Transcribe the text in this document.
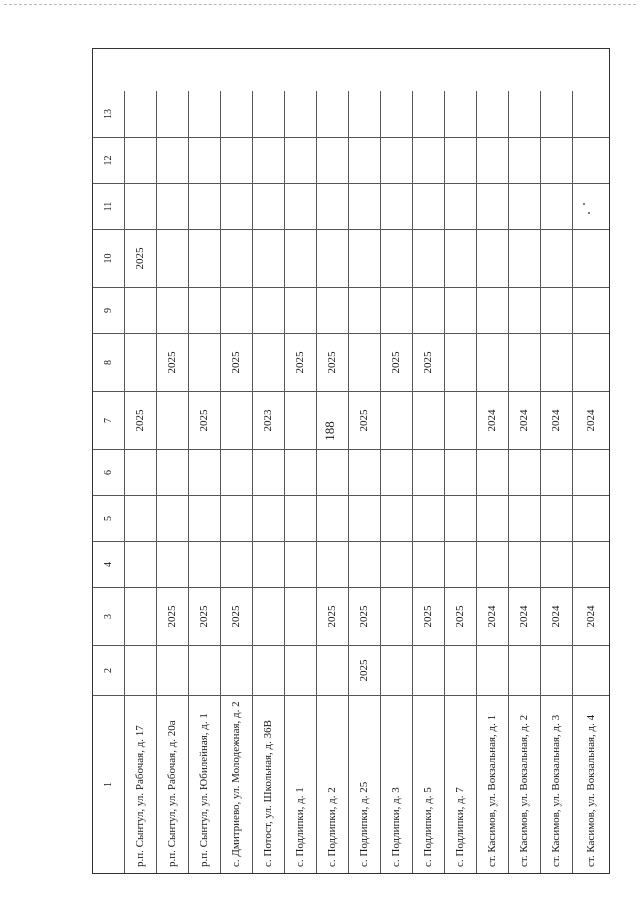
188
1
2
3
4
5
6
7
8
9
10
11
12
13
р.п. Сынтул, ул. Рабочая, д. 17
2025
2025
р.п. Сынтул, ул. Рабочая, д. 20а
2025
2025
р.п. Сынтул, ул. Юбилейная, д. 1
2025
2025
с. Дмитриево, ул. Молодежная, д. 2
2025
2025
с. Потост, ул. Школьная, д. 36В
2023
с. Подлипки, д. 1
2025
с. Подлипки, д. 2
2025
2025
с. Подлипки, д. 25
2025
2025
2025
с. Подлипки, д. 3
2025
с. Подлипки, д. 5
2025
2025
с. Подлипки, д. 7
2025
ст. Касимов, ул. Вокзальная, д. 1
2024
2024
ст. Касимов, ул. Вокзальная, д. 2
2024
2024
ст. Касимов, ул. Вокзальная, д. 3
2024
2024
ст. Касимов, ул. Вокзальная, д. 4
2024
2024
